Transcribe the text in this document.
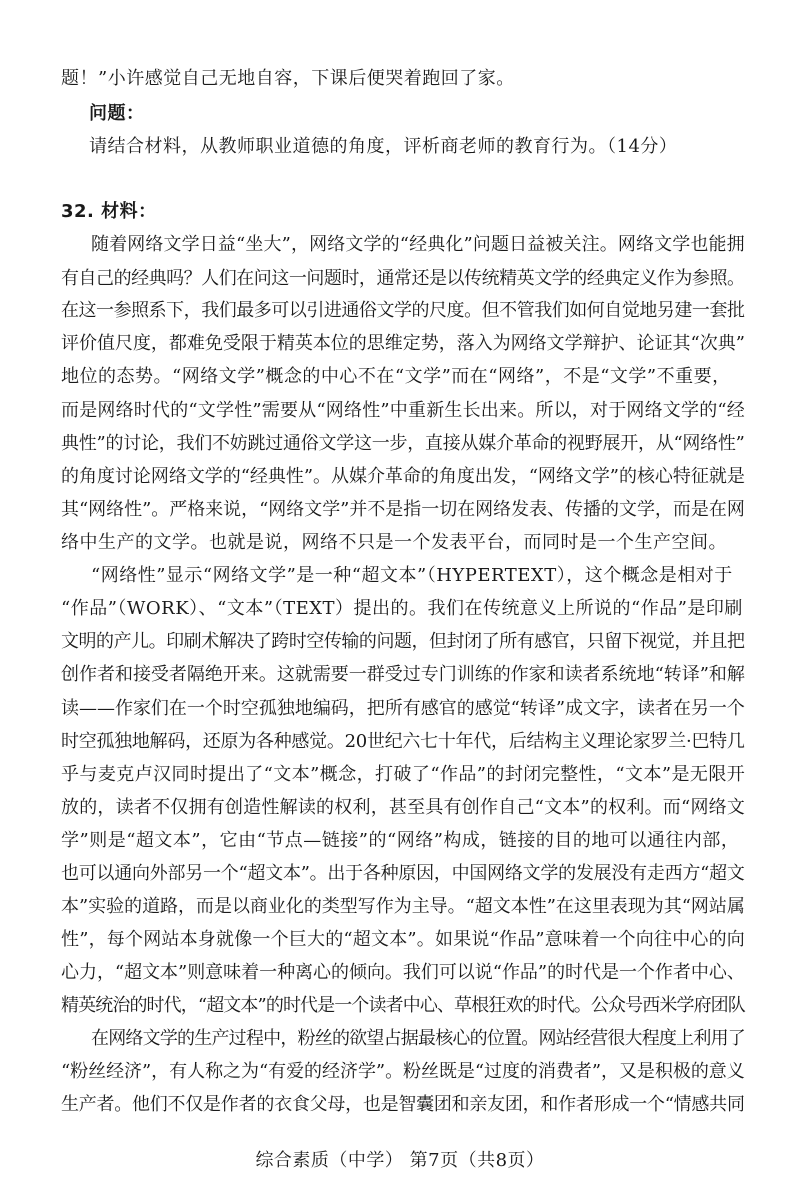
题！”小许感觉自己无地自容，下课后便哭着跑回了家。
问题：
请结合材料，从教师职业道德的角度，评析商老师的教育行为。（14分）
32. 材料：
随着网络文学日益“坐大”，网络文学的“经典化”问题日益被关注。网络文学也能拥
有自己的经典吗？人们在问这一问题时，通常还是以传统精英文学的经典定义作为参照。
在这一参照系下，我们最多可以引进通俗文学的尺度。但不管我们如何自觉地另建一套批
评价值尺度，都难免受限于精英本位的思维定势，落入为网络文学辩护、论证其“次典”
地位的态势。“网络文学”概念的中心不在“文学”而在“网络”，不是“文学”不重要，
而是网络时代的“文学性”需要从“网络性”中重新生长出来。所以，对于网络文学的“经
典性”的讨论，我们不妨跳过通俗文学这一步，直接从媒介革命的视野展开，从“网络性”
的角度讨论网络文学的“经典性”。从媒介革命的角度出发，“网络文学”的核心特征就是
其“网络性”。严格来说，“网络文学”并不是指一切在网络发表、传播的文学，而是在网
络中生产的文学。也就是说，网络不只是一个发表平台，而同时是一个生产空间。
“网络性”显示“网络文学”是一种“超文本”（HYPERTEXT），这个概念是相对于
“作品”（WORK）、“文本”（TEXT）提出的。我们在传统意义上所说的“作品”是印刷
文明的产儿。印刷术解决了跨时空传输的问题，但封闭了所有感官，只留下视觉，并且把
创作者和接受者隔绝开来。这就需要一群受过专门训练的作家和读者系统地“转译”和解
读——作家们在一个时空孤独地编码，把所有感官的感觉“转译”成文字，读者在另一个
时空孤独地解码，还原为各种感觉。20世纪六七十年代，后结构主义理论家罗兰·巴特几
乎与麦克卢汉同时提出了“文本”概念，打破了“作品”的封闭完整性，“文本”是无限开
放的，读者不仅拥有创造性解读的权利，甚至具有创作自己“文本”的权利。而“网络文
学”则是“超文本”，它由“节点—链接”的“网络”构成，链接的目的地可以通往内部，
也可以通向外部另一个“超文本”。出于各种原因，中国网络文学的发展没有走西方“超文
本”实验的道路，而是以商业化的类型写作为主导。“超文本性”在这里表现为其“网站属
性”，每个网站本身就像一个巨大的“超文本”。如果说“作品”意味着一个向往中心的向
心力，“超文本”则意味着一种离心的倾向。我们可以说“作品”的时代是一个作者中心、
精英统治的时代，“超文本”的时代是一个读者中心、草根狂欢的时代。公众号西米学府团队
在网络文学的生产过程中，粉丝的欲望占据最核心的位置。网站经营很大程度上利用了
“粉丝经济”，有人称之为“有爱的经济学”。粉丝既是“过度的消费者”，又是积极的意义
生产者。他们不仅是作者的衣食父母，也是智囊团和亲友团，和作者形成一个“情感共同
综合素质（中学） 第7页（共8页）
